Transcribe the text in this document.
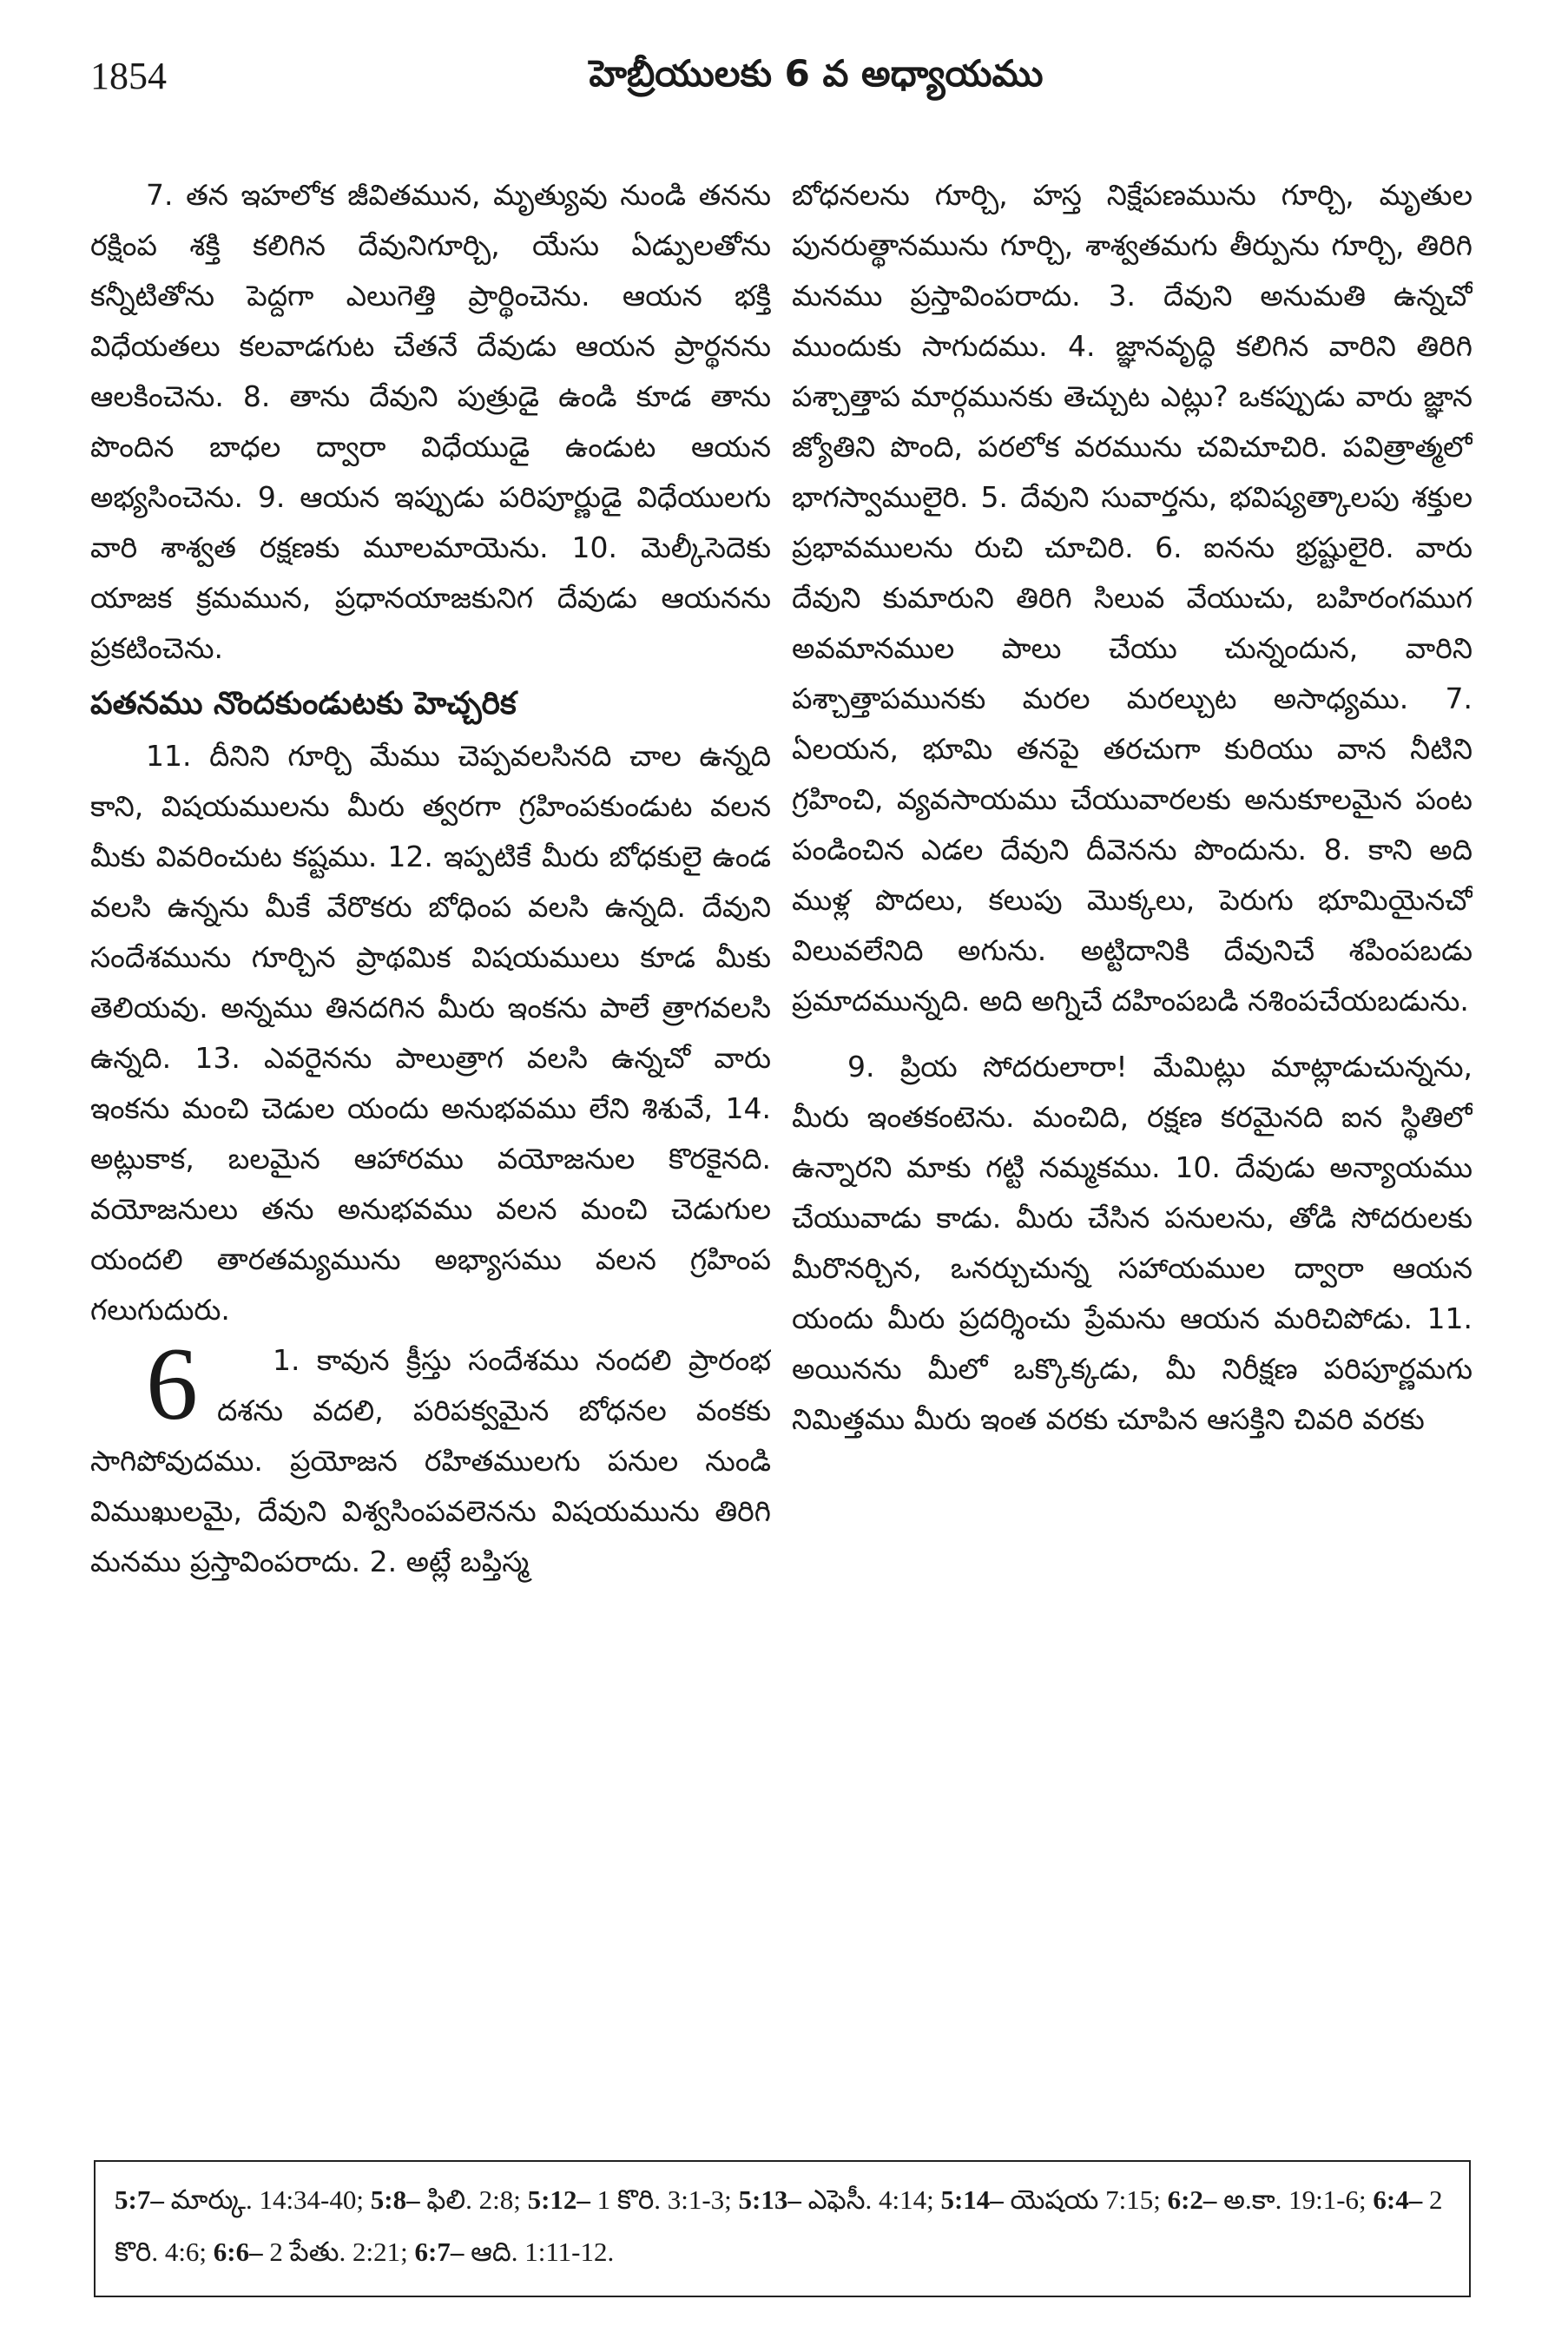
1854	హెబ్రీయులకు 6 వ అధ్యాయము

7. తన ఇహలోక జీవితమున, మృత్యువు నుండి తనను రక్షింప శక్తి కలిగిన దేవునిగూర్చి, యేసు ఏడ్పులతోను కన్నీటితోను పెద్దగా ఎలుగెత్తి ప్రార్థించెను. ఆయన భక్తి విధేయతలు కలవాడగుట చేతనే దేవుడు ఆయన ప్రార్థనను ఆలకించెను. 8. తాను దేవుని పుత్రుడై ఉండి కూడ తాను పొందిన బాధల ద్వారా విధేయుడై ఉండుట ఆయన అభ్యసించెను. 9. ఆయన ఇప్పుడు పరిపూర్ణుడై విధేయులగు వారి శాశ్వత రక్షణకు మూలమాయెను. 10. మెల్కీసెదెకు యాజక క్రమమున, ప్రధానయాజకునిగ దేవుడు ఆయనను ప్రకటించెను.

పతనము నొందకుండుటకు హెచ్చరిక

11. దీనిని గూర్చి మేము చెప్పవలసినది చాల ఉన్నది కాని, విషయములను మీరు త్వరగా గ్రహింపకుండుట వలన మీకు వివరించుట కష్టము. 12. ఇప్పటికే మీరు బోధకులై ఉండ వలసి ఉన్నను మీకే వేరొకరు బోధింప వలసి ఉన్నది. దేవుని సందేశమును గూర్చిన ప్రాథమిక విషయములు కూడ మీకు తెలియవు. అన్నము తినదగిన మీరు ఇంకను పాలే త్రాగవలసి ఉన్నది. 13. ఎవరైనను పాలుత్రాగ వలసి ఉన్నచో వారు ఇంకను మంచి చెడుల యందు అనుభవము లేని శిశువే, 14. అట్లుకాక, బలమైన ఆహారము వయోజనుల కొరకైనది. వయోజనులు తను అనుభవము వలన మంచి చెడుగుల యందలి తారతమ్యమును అభ్యాసము వలన గ్రహింప గలుగుదురు.

6	1. కావున క్రీస్తు సందేశము నందలి ప్రారంభ దశను వదలి, పరిపక్వమైన బోధనల వంకకు సాగిపోవుదము. ప్రయోజన రహితములగు పనుల నుండి విముఖులమై, దేవుని విశ్వసింపవలెనను విషయమును తిరిగి మనము ప్రస్తావింపరాదు. 2. అట్లే బప్తిస్మ

బోధనలను గూర్చి, హస్త నిక్షేపణమును గూర్చి, మృతుల పునరుత్థానమును గూర్చి, శాశ్వతమగు తీర్పును గూర్చి, తిరిగి మనము ప్రస్తావింపరాదు. 3. దేవుని అనుమతి ఉన్నచో ముందుకు సాగుదము. 4. జ్ఞానవృద్ధి కలిగిన వారిని తిరిగి పశ్చాత్తాప మార్గమునకు తెచ్చుట ఎట్లు? ఒకప్పుడు వారు జ్ఞాన జ్యోతిని పొంది, పరలోక వరమును చవిచూచిరి. పవిత్రాత్మలో భాగస్వాములైరి. 5. దేవుని సువార్తను, భవిష్యత్కాలపు శక్తుల ప్రభావములను రుచి చూచిరి. 6. ఐనను భ్రష్టులైరి. వారు దేవుని కుమారుని తిరిగి సిలువ వేయుచు, బహిరంగముగ అవమానముల పాలు చేయు చున్నందున, వారిని పశ్చాత్తాపమునకు మరల మరల్చుట అసాధ్యము. 7. ఏలయన, భూమి తనపై తరచుగా కురియు వాన నీటిని గ్రహించి, వ్యవసాయము చేయువారలకు అనుకూలమైన పంట పండించిన ఎడల దేవుని దీవెనను పొందును. 8. కాని అది ముళ్ల పొదలు, కలుపు మొక్కలు, పెరుగు భూమియైనచో విలువలేనిది అగును. అట్టిదానికి దేవునిచే శపింపబడు ప్రమాదమున్నది. అది అగ్నిచే దహింపబడి నశింపచేయబడును.

9. ప్రియ సోదరులారా! మేమిట్లు మాట్లాడుచున్నను, మీరు ఇంతకంటెను. మంచిది, రక్షణ కరమైనది ఐన స్థితిలో ఉన్నారని మాకు గట్టి నమ్మకము. 10. దేవుడు అన్యాయము చేయువాడు కాడు. మీరు చేసిన పనులను, తోడి సోదరులకు మీరొనర్చిన, ఒనర్చుచున్న సహాయముల ద్వారా ఆయన యందు మీరు ప్రదర్శించు ప్రేమను ఆయన మరిచిపోడు. 11. అయినను మీలో ఒక్కొక్కడు, మీ నిరీక్షణ పరిపూర్ణమగు నిమిత్తము మీరు ఇంత వరకు చూపిన ఆసక్తిని చివరి వరకు

5:7– మార్కు. 14:34-40; 5:8– ఫిలి. 2:8; 5:12– 1 కొరి. 3:1-3; 5:13– ఎఫెసీ. 4:14; 5:14– యెషయ 7:15; 6:2– అ.కా. 19:1-6; 6:4– 2 కొరి. 4:6; 6:6– 2 పేతు. 2:21; 6:7– ఆది. 1:11-12.
